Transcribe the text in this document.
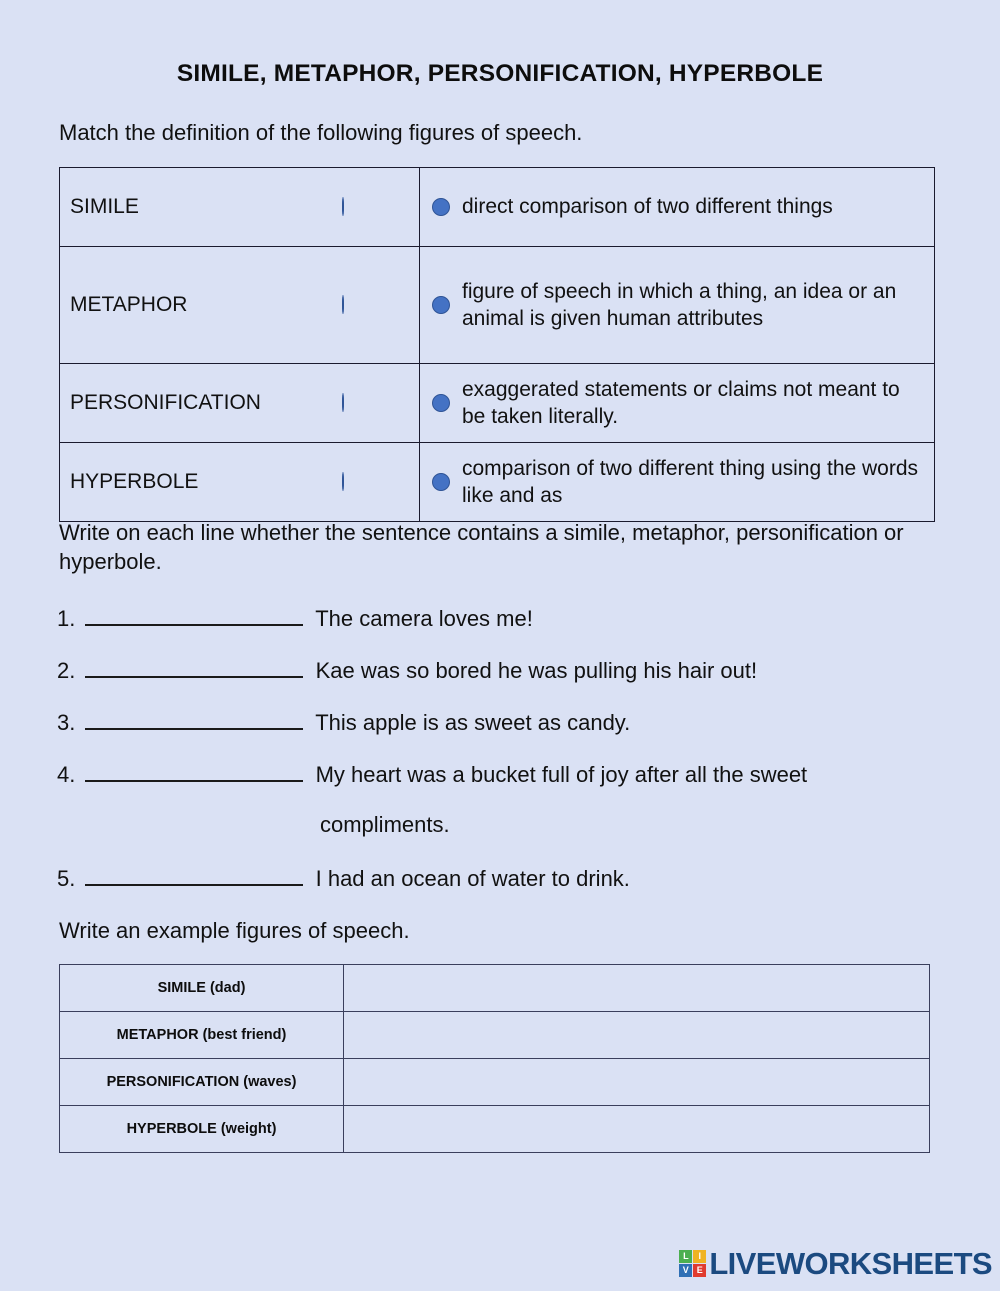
SIMILE, METAPHOR, PERSONIFICATION, HYPERBOLE
Match the definition of the following figures of speech.
SIMILE	direct comparison of two different things

METAPHOR	figure of speech in which a thing, an idea or an animal is given human attributes

PERSONIFICATION	exaggerated statements or claims not meant to be taken literally.

HYPERBOLE	comparison of two different thing using the words like and as
Write on each line whether the sentence contains a simile, metaphor, personification or hyperbole.
1.	The camera loves me!
2.	Kae was so bored he was pulling his hair out!
3.	This apple is as sweet as candy.
4.	My heart was a bucket full of joy after all the sweet
compliments.
5.	I had an ocean of water to drink.
Write an example figures of speech.
SIMILE (dad)	
METAPHOR (best friend)	
PERSONIFICATION (waves)	
HYPERBOLE (weight)	
L	I
V E LIVEWORKSHEETS
